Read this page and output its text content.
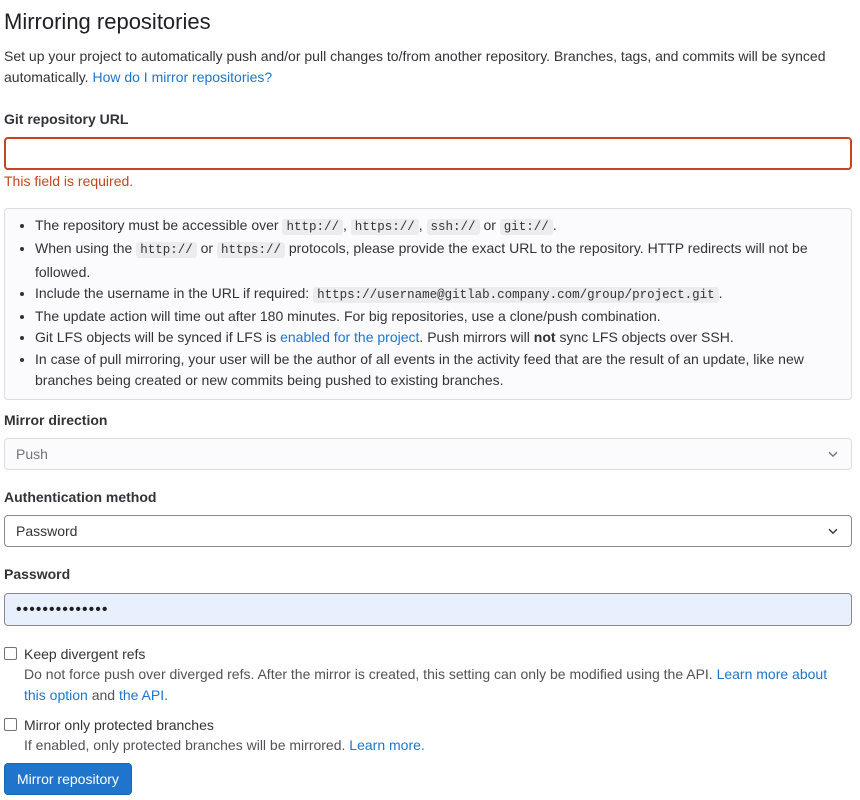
Mirroring repositories
Set up your project to automatically push and/or pull changes to/from another repository. Branches, tags, and commits will be synced automatically. How do I mirror repositories?
Git repository URL
This field is required.
• The repository must be accessible over http:// , https:// , ssh:// or git:// .
• When using the http:// or https:// protocols, please provide the exact URL to the repository. HTTP redirects will not be followed.
• Include the username in the URL if required: https://username@gitlab.company.com/group/project.git .
• The update action will time out after 180 minutes. For big repositories, use a clone/push combination.
• Git LFS objects will be synced if LFS is enabled for the project. Push mirrors will not sync LFS objects over SSH.
• In case of pull mirroring, your user will be the author of all events in the activity feed that are the result of an update, like new branches being created or new commits being pushed to existing branches.
Mirror direction
Push
Authentication method
Password
Password
••••••••••••••
Keep divergent refs
Do not force push over diverged refs. After the mirror is created, this setting can only be modified using the API. Learn more about this option and the API.
Mirror only protected branches
If enabled, only protected branches will be mirrored. Learn more.
Mirror repository
